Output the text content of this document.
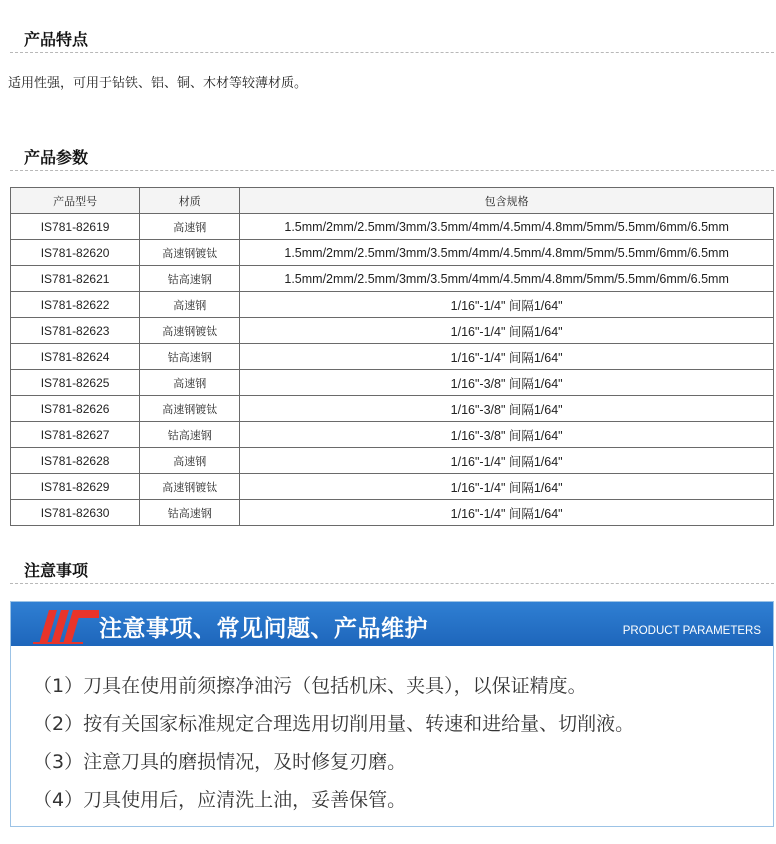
产品特点
适用性强，可用于钻铁、铝、铜、木材等较薄材质。
产品参数
产品型号	材质	包含规格
IS781-82619	高速钢	1.5mm/2mm/2.5mm/3mm/3.5mm/4mm/4.5mm/4.8mm/5mm/5.5mm/6mm/6.5mm
IS781-82620	高速钢镀钛	1.5mm/2mm/2.5mm/3mm/3.5mm/4mm/4.5mm/4.8mm/5mm/5.5mm/6mm/6.5mm
IS781-82621	钴高速钢	1.5mm/2mm/2.5mm/3mm/3.5mm/4mm/4.5mm/4.8mm/5mm/5.5mm/6mm/6.5mm
IS781-82622	高速钢	1/16"-1/4" 间隔1/64"
IS781-82623	高速钢镀钛	1/16"-1/4" 间隔1/64"
IS781-82624	钴高速钢	1/16"-1/4" 间隔1/64"
IS781-82625	高速钢	1/16"-3/8" 间隔1/64"
IS781-82626	高速钢镀钛	1/16"-3/8" 间隔1/64"
IS781-82627	钴高速钢	1/16"-3/8" 间隔1/64"
IS781-82628	高速钢	1/16"-1/4" 间隔1/64"
IS781-82629	高速钢镀钛	1/16"-1/4" 间隔1/64"
IS781-82630	钴高速钢	1/16"-1/4" 间隔1/64"
注意事项
注意事项、常见问题、产品维护	PRODUCT PARAMETERS
（1）刀具在使用前须擦净油污（包括机床、夹具），以保证精度。
（2）按有关国家标准规定合理选用切削用量、转速和进给量、切削液。
（3）注意刀具的磨损情况，及时修复刃磨。
（4）刀具使用后，应清洗上油，妥善保管。
